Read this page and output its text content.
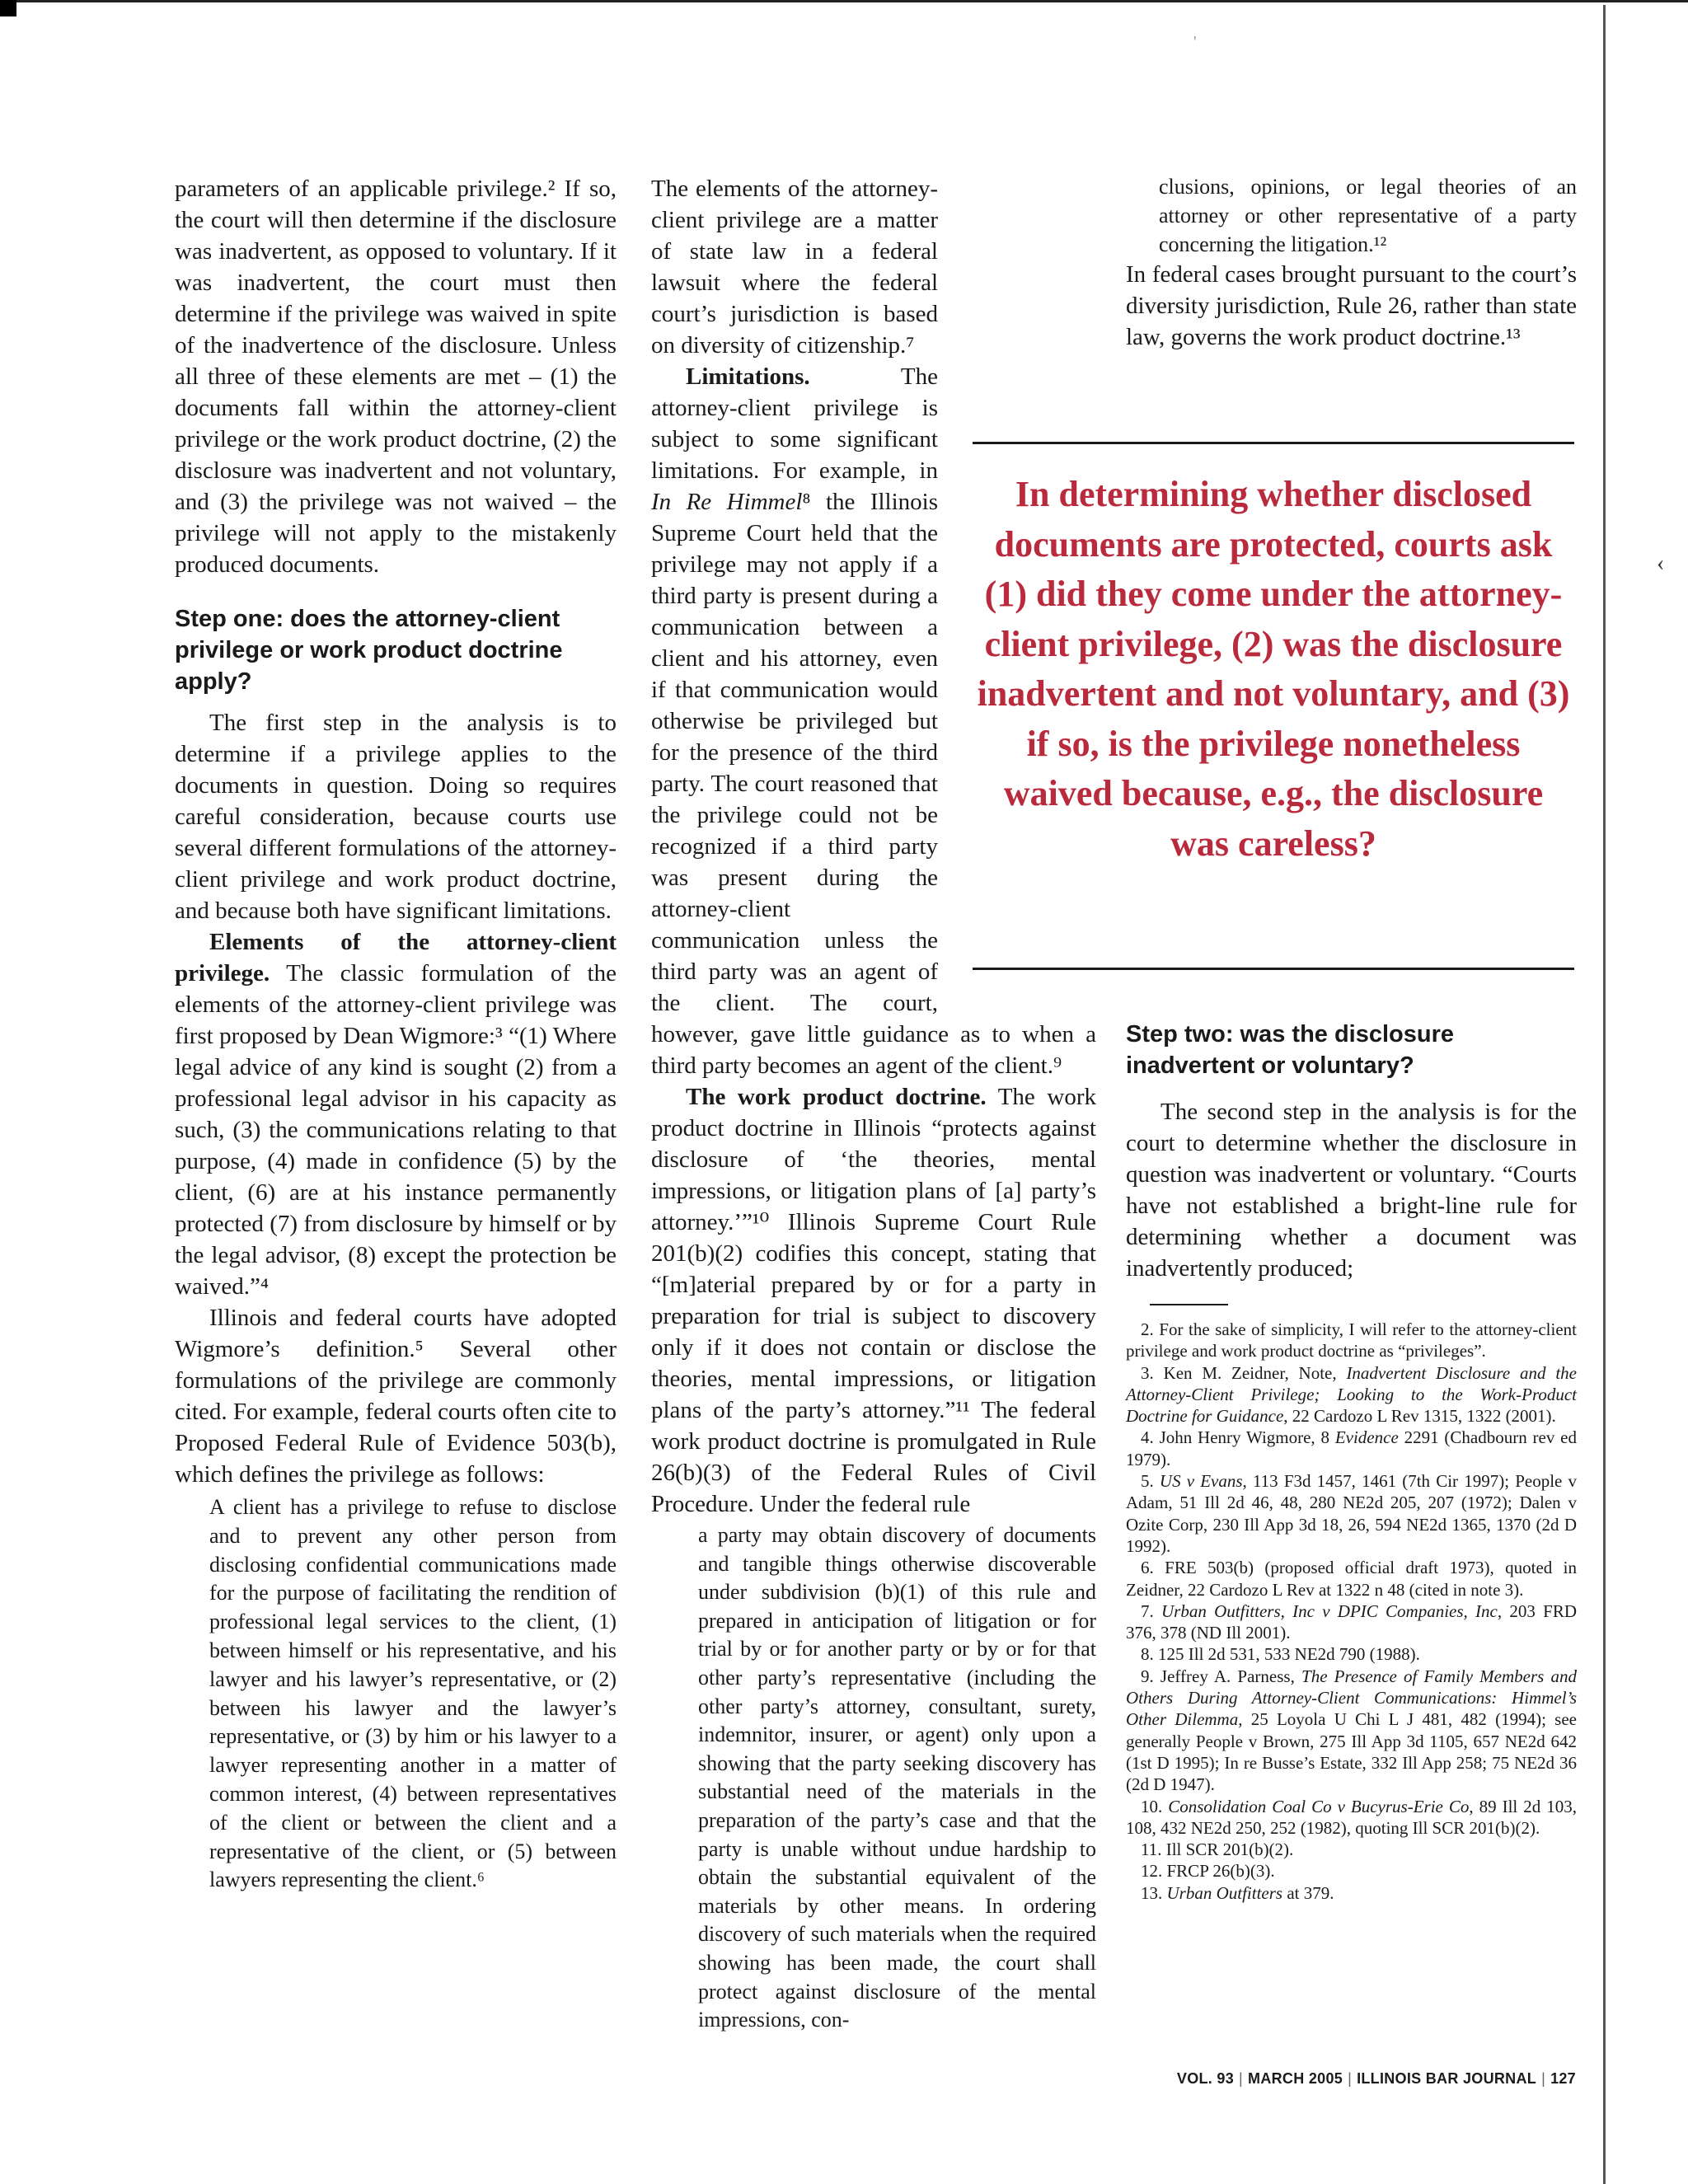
parameters of an applicable privilege.² If so, the court will then determine if the disclosure was inadvertent, as opposed to voluntary. If it was inadvertent, the court must then determine if the privilege was waived in spite of the inadvertence of the disclosure. Unless all three of these elements are met – (1) the documents fall within the attorney-client privilege or the work product doctrine, (2) the disclosure was inadvertent and not voluntary, and (3) the privilege was not waived – the privilege will not apply to the mistakenly produced documents.

Step one: does the attorney-client privilege or work product doctrine apply?

The first step in the analysis is to determine if a privilege applies to the documents in question. Doing so requires careful consideration, because courts use several different formulations of the attorney-client privilege and work product doctrine, and because both have significant limitations.

Elements of the attorney-client privilege. The classic formulation of the elements of the attorney-client privilege was first proposed by Dean Wigmore:³ “(1) Where legal advice of any kind is sought (2) from a professional legal advisor in his capacity as such, (3) the communications relating to that purpose, (4) made in confidence (5) by the client, (6) are at his instance permanently protected (7) from disclosure by himself or by the legal advisor, (8) except the protection be waived.”⁴

Illinois and federal courts have adopted Wigmore’s definition.⁵ Several other formulations of the privilege are commonly cited. For example, federal courts often cite to Proposed Federal Rule of Evidence 503(b), which defines the privilege as follows:

A client has a privilege to refuse to disclose and to prevent any other person from disclosing confidential communications made for the purpose of facilitating the rendition of professional legal services to the client, (1) between himself or his representative, and his lawyer and his lawyer’s representative, or (2) between his lawyer and the lawyer’s representative, or (3) by him or his lawyer to a lawyer representing another in a matter of common interest, (4) between representatives of the client or between the client and a representative of the client, or (5) between lawyers representing the client.⁶

The elements of the attorney-client privilege are a matter of state law in a federal lawsuit where the federal court’s jurisdiction is based on diversity of citizenship.⁷

Limitations. The attorney-client privilege is subject to some significant limitations. For example, in In Re Himmel⁸ the Illinois Supreme Court held that the privilege may not apply if a third party is present during a communication between a client and his attorney, even if that communication would otherwise be privileged but for the presence of the third party. The court reasoned that the privilege could not be recognized if a third party was present during the attorney-client communication unless the third party was an agent of the client. The court, however, gave little guidance as to when a third party becomes an agent of the client.⁹

The work product doctrine. The work product doctrine in Illinois “protects against disclosure of ‘the theories, mental impressions, or litigation plans of [a] party’s attorney.’”¹⁰ Illinois Supreme Court Rule 201(b)(2) codifies this concept, stating that “[m]aterial prepared by or for a party in preparation for trial is subject to discovery only if it does not contain or disclose the theories, mental impressions, or litigation plans of the party’s attorney.”¹¹ The federal work product doctrine is promulgated in Rule 26(b)(3) of the Federal Rules of Civil Procedure. Under the federal rule

a party may obtain discovery of documents and tangible things otherwise discoverable under subdivision (b)(1) of this rule and prepared in anticipation of litigation or for trial by or for another party or by or for that other party’s representative (including the other party’s attorney, consultant, surety, indemnitor, insurer, or agent) only upon a showing that the party seeking discovery has substantial need of the materials in the preparation of the party’s case and that the party is unable without undue hardship to obtain the substantial equivalent of the materials by other means. In ordering discovery of such materials when the required showing has been made, the court shall protect against disclosure of the mental impressions, con-

clusions, opinions, or legal theories of an attorney or other representative of a party concerning the litigation.¹²

In federal cases brought pursuant to the court’s diversity jurisdiction, Rule 26, rather than state law, governs the work product doctrine.¹³

In determining whether disclosed documents are protected, courts ask (1) did they come under the attorney-client privilege, (2) was the disclosure inadvertent and not voluntary, and (3) if so, is the privilege nonetheless waived because, e.g., the disclosure was careless?
Step two: was the disclosure inadvertent or voluntary?

The second step in the analysis is for the court to determine whether the disclosure in question was inadvertent or voluntary. “Courts have not established a bright-line rule for determining whether a document was inadvertently produced;

2. For the sake of simplicity, I will refer to the attorney-client privilege and work product doctrine as “privileges”.

3. Ken M. Zeidner, Note, Inadvertent Disclosure and the Attorney-Client Privilege; Looking to the Work-Product Doctrine for Guidance, 22 Cardozo L Rev 1315, 1322 (2001).

4. John Henry Wigmore, 8 Evidence 2291 (Chadbourn rev ed 1979).

5. US v Evans, 113 F3d 1457, 1461 (7th Cir 1997); People v Adam, 51 Ill 2d 46, 48, 280 NE2d 205, 207 (1972); Dalen v Ozite Corp, 230 Ill App 3d 18, 26, 594 NE2d 1365, 1370 (2d D 1992).

6. FRE 503(b) (proposed official draft 1973), quoted in Zeidner, 22 Cardozo L Rev at 1322 n 48 (cited in note 3).

7. Urban Outfitters, Inc v DPIC Companies, Inc, 203 FRD 376, 378 (ND Ill 2001).

8. 125 Ill 2d 531, 533 NE2d 790 (1988).

9. Jeffrey A. Parness, The Presence of Family Members and Others During Attorney-Client Communications: Himmel’s Other Dilemma, 25 Loyola U Chi L J 481, 482 (1994); see generally People v Brown, 275 Ill App 3d 1105, 657 NE2d 642 (1st D 1995); In re Busse’s Estate, 332 Ill App 258; 75 NE2d 36 (2d D 1947).

10. Consolidation Coal Co v Bucyrus-Erie Co, 89 Ill 2d 103, 108, 432 NE2d 250, 252 (1982), quoting Ill SCR 201(b)(2).

11. Ill SCR 201(b)(2).

12. FRCP 26(b)(3).

13. Urban Outfitters at 379.

VOL. 93 | MARCH 2005 | ILLINOIS BAR JOURNAL | 127
‹
'
